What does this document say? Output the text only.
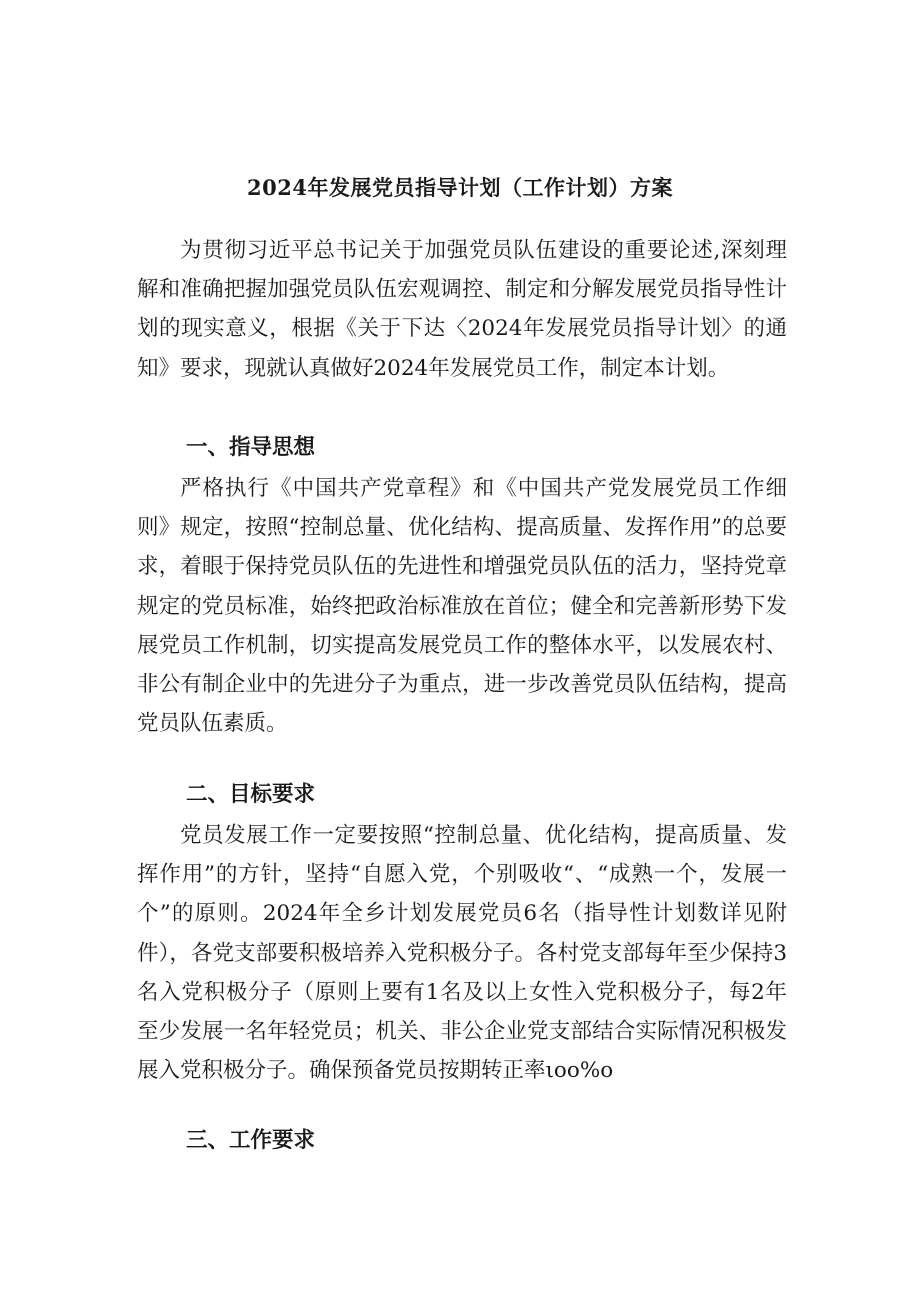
2024年发展党员指导计划（工作计划）方案

为贯彻习近平总书记关于加强党员队伍建设的重要论述,深刻理解和准确把握加强党员队伍宏观调控、制定和分解发展党员指导性计划的现实意义，根据《关于下达〈2024年发展党员指导计划〉的通知》要求，现就认真做好2024年发展党员工作，制定本计划。

一、指导思想

严格执行《中国共产党章程》和《中国共产党发展党员工作细则》规定，按照“控制总量、优化结构、提高质量、发挥作用”的总要求，着眼于保持党员队伍的先进性和增强党员队伍的活力，坚持党章规定的党员标准，始终把政治标准放在首位；健全和完善新形势下发展党员工作机制，切实提高发展党员工作的整体水平，以发展农村、非公有制企业中的先进分子为重点，进一步改善党员队伍结构，提高党员队伍素质。

二、目标要求

党员发展工作一定要按照“控制总量、优化结构，提高质量、发挥作用”的方针，坚持“自愿入党，个别吸收“、“成熟一个，发展一个”的原则。2024年全乡计划发展党员6名（指导性计划数详见附件），各党支部要积极培养入党积极分子。各村党支部每年至少保持3名入党积极分子（原则上要有1名及以上女性入党积极分子，每2年至少发展一名年轻党员；机关、非公企业党支部结合实际情况积极发展入党积极分子。确保预备党员按期转正率ιoo%o

三、工作要求
